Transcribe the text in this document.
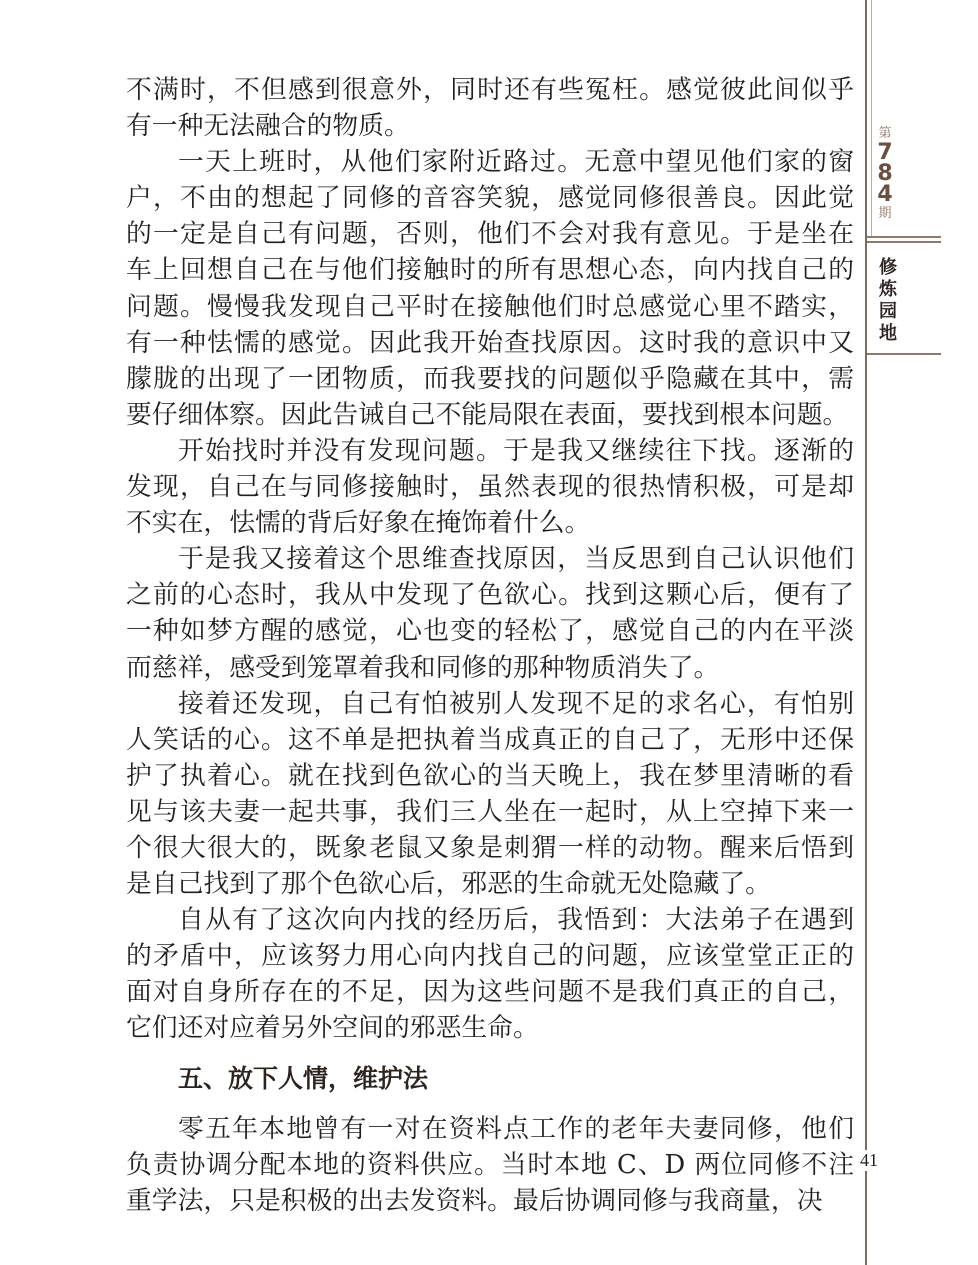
第
7
8
4
期
修
炼
园
地
41
不满时，不但感到很意外，同时还有些冤枉。感觉彼此间似乎
有一种无法融合的物质。
一天上班时，从他们家附近路过。无意中望见他们家的窗
户，不由的想起了同修的音容笑貌，感觉同修很善良。因此觉
的一定是自己有问题，否则，他们不会对我有意见。于是坐在
车上回想自己在与他们接触时的所有思想心态，向内找自己的
问题。慢慢我发现自己平时在接触他们时总感觉心里不踏实，
有一种怯懦的感觉。因此我开始查找原因。这时我的意识中又
朦胧的出现了一团物质，而我要找的问题似乎隐藏在其中，需
要仔细体察。因此告诫自己不能局限在表面，要找到根本问题。
开始找时并没有发现问题。于是我又继续往下找。逐渐的
发现，自己在与同修接触时，虽然表现的很热情积极，可是却
不实在，怯懦的背后好象在掩饰着什么。
于是我又接着这个思维查找原因，当反思到自己认识他们
之前的心态时，我从中发现了色欲心。找到这颗心后，便有了
一种如梦方醒的感觉，心也变的轻松了，感觉自己的内在平淡
而慈祥，感受到笼罩着我和同修的那种物质消失了。
接着还发现，自己有怕被别人发现不足的求名心，有怕别
人笑话的心。这不单是把执着当成真正的自己了，无形中还保
护了执着心。就在找到色欲心的当天晚上，我在梦里清晰的看
见与该夫妻一起共事，我们三人坐在一起时，从上空掉下来一
个很大很大的，既象老鼠又象是刺猬一样的动物。醒来后悟到
是自己找到了那个色欲心后，邪恶的生命就无处隐藏了。
自从有了这次向内找的经历后，我悟到：大法弟子在遇到
的矛盾中，应该努力用心向内找自己的问题，应该堂堂正正的
面对自身所存在的不足，因为这些问题不是我们真正的自己，
它们还对应着另外空间的邪恶生命。
五、放下人情，维护法
零五年本地曾有一对在资料点工作的老年夫妻同修，他们
负责协调分配本地的资料供应。当时本地 C、D 两位同修不注
重学法，只是积极的出去发资料。最后协调同修与我商量，决
